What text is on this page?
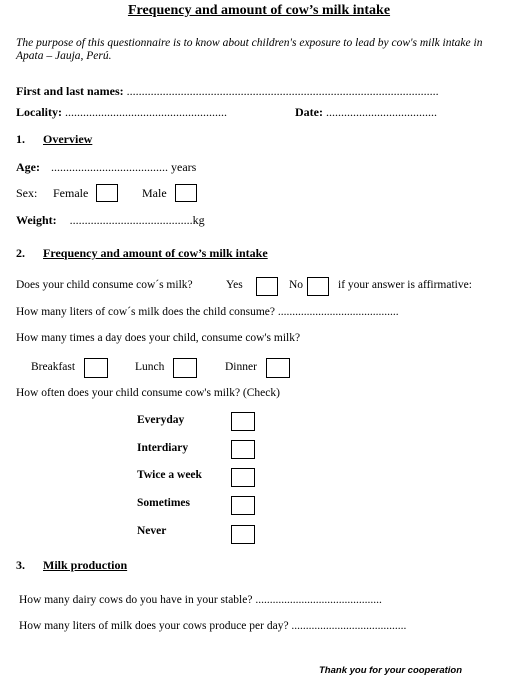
Frequency and amount of cow’s milk intake
The purpose of this questionnaire is to know about children's exposure to lead by cow's milk intake in Apata – Jauja, Perú.
First and last names: ........................................................................................................
Locality: ......................................................	Date: .....................................
1. Overview
Age: ....................................... years
Sex: Female	Male
Weight: .........................................kg
2. Frequency and amount of cow’s milk intake
Does your child consume cow´s milk?	Yes	No	if your answer is affirmative:
How many liters of cow´s milk does the child consume? ..........................................
How many times a day does your child, consume cow's milk?
Breakfast	Lunch	Dinner
How often does your child consume cow's milk? (Check)
Everyday
Interdiary
Twice a week
Sometimes
Never
3. Milk production
How many dairy cows do you have in your stable? ............................................
How many liters of milk does your cows produce per day? ........................................
Thank you for your cooperation
